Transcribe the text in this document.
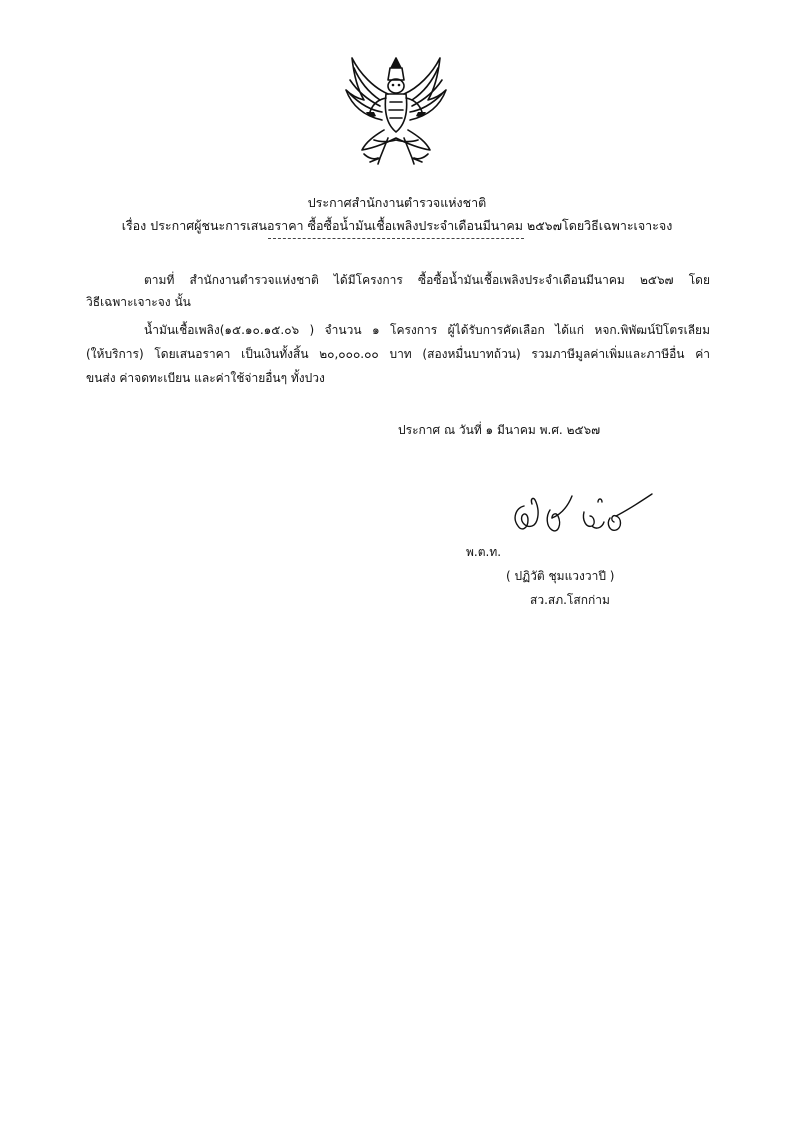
ประกาศสำนักงานตำรวจแห่งชาติ
เรื่อง ประกาศผู้ชนะการเสนอราคา ซื้อซื้อน้ำมันเชื้อเพลิงประจำเดือนมีนาคม ๒๕๖๗โดยวิธีเฉพาะเจาะจง
ตามที่ สำนักงานตำรวจแห่งชาติ ได้มีโครงการ ซื้อซื้อน้ำมันเชื้อเพลิงประจำเดือนมีนาคม ๒๕๖๗ โดย
วิธีเฉพาะเจาะจง นั้น
น้ำมันเชื้อเพลิง(๑๕.๑๐.๑๕.๐๖ ) จำนวน ๑ โครงการ ผู้ได้รับการคัดเลือก ได้แก่ หจก.พิพัฒน์ปิโตรเลียม
(ให้บริการ) โดยเสนอราคา เป็นเงินทั้งสิ้น ๒๐,๐๐๐.๐๐ บาท (สองหมื่นบาทถ้วน) รวมภาษีมูลค่าเพิ่มและภาษีอื่น ค่า
ขนส่ง ค่าจดทะเบียน และค่าใช้จ่ายอื่นๆ ทั้งปวง
ประกาศ ณ วันที่ ๑ มีนาคม พ.ศ. ๒๕๖๗
พ.ต.ท.
( ปฏิวัติ ชุมแวงวาปี )
สว.สภ.โสกก่าม
